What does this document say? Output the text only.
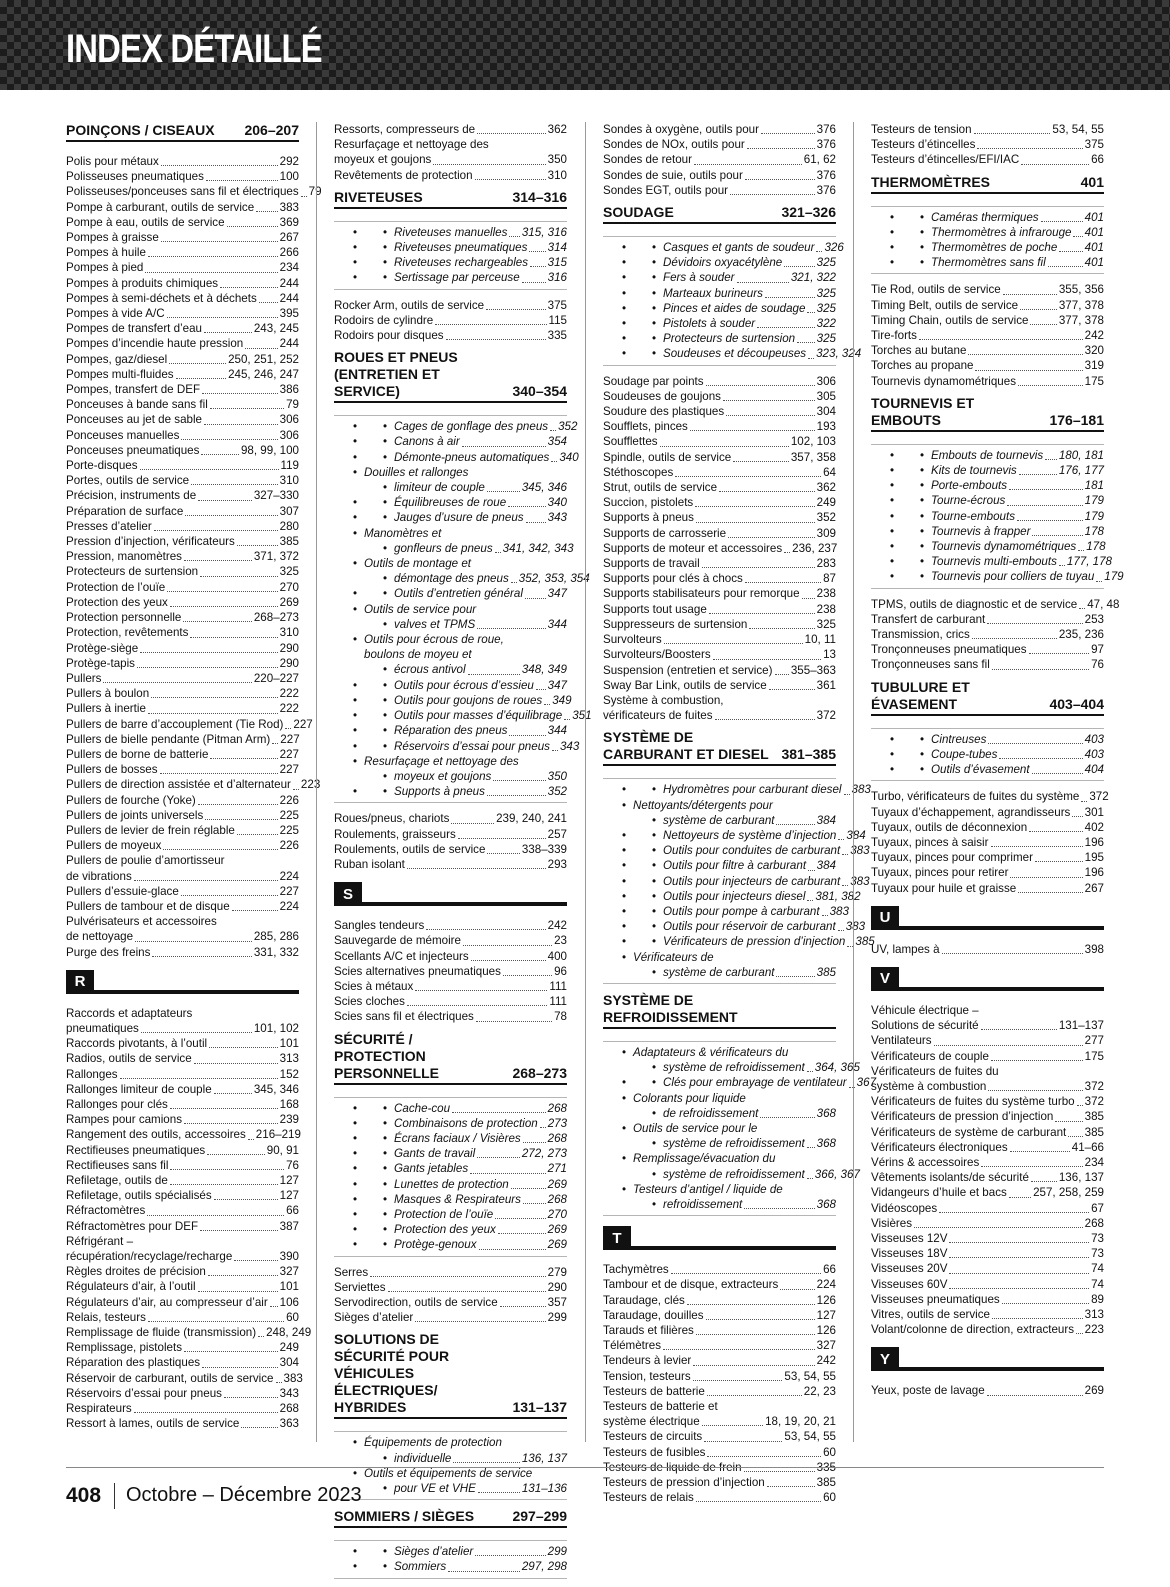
INDEX DÉTAILLÉ
POINÇONS / CISEAUX	206–207
Polis pour métaux	292
Polisseuses pneumatiques	100
Polisseuses/ponceuses sans fil et électriques 79
Pompe à carburant, outils de service 383
Pompe à eau, outils de service	369
Pompes à graisse	267
Pompes à huile	266
Pompes à pied	234
Pompes à produits chimiques	244
Pompes à semi-déchets et à déchets 244
Pompes à vide A/C	395
Pompes de transfert d’eau	243, 245
Pompes d’incendie haute pression	244
Pompes, gaz/diesel	250, 251, 252
Pompes multi-fluides	245, 246, 247
Pompes, transfert de DEF	386
Ponceuses à bande sans fil	79
Ponceuses au jet de sable	306
Ponceuses manuelles	306
Ponceuses pneumatiques	98, 99, 100
Porte-disques	119
Portes, outils de service	310
Précision, instruments de	327–330
Préparation de surface	307
Presses d’atelier	280
Pression d’injection, vérificateurs	385
Pression, manomètres	371, 372
Protecteurs de surtension	325
Protection de l’ouïe	270
Protection des yeux	269
Protection personnelle	268–273
Protection, revêtements	310
Protège-siège	290
Protège-tapis	290
Pullers	220–227
Pullers à boulon	222
Pullers à inertie	222
Pullers de barre d’accouplement (Tie Rod) 227
Pullers de bielle pendante (Pitman Arm) 227
Pullers de borne de batterie	227
Pullers de bosses	227
Pullers de direction assistée et d’alternateur 223
Pullers de fourche (Yoke)	226
Pullers de joints universels	225
Pullers de levier de frein réglable	225
Pullers de moyeux	226
Pullers de poulie d’amortisseur
de vibrations	224
Pullers d’essuie-glace	227
Pullers de tambour et de disque	224
Pulvérisateurs et accessoires
de nettoyage	285, 286
Purge des freins	331, 332
R
Raccords et adaptateurs
pneumatiques	101, 102
Raccords pivotants, à l’outil	101
Radios, outils de service	313
Rallonges	152
Rallonges limiteur de couple	345, 346
Rallonges pour clés	168
Rampes pour camions	239
Rangement des outils, accessoires 216–219
Rectifieuses pneumatiques	90, 91
Rectifieuses sans fil	76
Refiletage, outils de	127
Refiletage, outils spécialisés	127
Réfractomètres	66
Réfractomètres pour DEF	387
Réfrigérant –
récupération/recyclage/recharge	390
Règles droites de précision	327
Régulateurs d’air, à l’outil	101
Régulateurs d’air, au compresseur d’air 106
Relais, testeurs	60
Remplissage de fluide (transmission) 248, 249
Remplissage, pistolets	249
Réparation des plastiques	304
Réservoir de carburant, outils de service 383
Réservoirs d’essai pour pneus	343
Respirateurs	268
Ressort à lames, outils de service	363
Ressorts, compresseurs de	362
Resurfaçage et nettoyage des
moyeux et goujons	350
Revêtements de protection	310
RIVETEUSES	314–316
• • Riveteuses manuelles 315, 316
• • Riveteuses pneumatiques 314
• • Riveteuses rechargeables 315
• • Sertissage par perceuse 316
Rocker Arm, outils de service	375
Rodoirs de cylindre	115
Rodoirs pour disques	335
ROUES ET PNEUS (ENTRETIEN ET SERVICE)	340–354
• • Cages de gonflage des pneus 352
• • Canons à air	354
• • Démonte-pneus automatiques 340
• Douilles et rallonges
• limiteur de couple	345, 346
• • Équilibreuses de roue	340
• • Jauges d’usure de pneus 343
• Manomètres et
• gonfleurs de pneus 341, 342, 343
• Outils de montage et
• démontage des pneus 352, 353, 354
• • Outils d’entretien général 347
• Outils de service pour
• valves et TPMS	344
• Outils pour écrous de roue,
boulons de moyeu et
• écrous antivol	348, 349
• • Outils pour écrous d’essieu 347
• • Outils pour goujons de roues 349
• • Outils pour masses d’équilibrage 351
• • Réparation des pneus	344
• • Réservoirs d’essai pour pneus 343
• Resurfaçage et nettoyage des
• moyeux et goujons	350
• • Supports à pneus	352
Roues/pneus, chariots	239, 240, 241
Roulements, graisseurs	257
Roulements, outils de service	338–339
Ruban isolant	293
S
Sangles tendeurs	242
Sauvegarde de mémoire	23
Scellants A/C et injecteurs	400
Scies alternatives pneumatiques	96
Scies à métaux	111
Scies cloches	111
Scies sans fil et électriques	78
SÉCURITÉ / PROTECTION PERSONNELLE	268–273
• • Cache-cou	268
• • Combinaisons de protection 273
• • Écrans faciaux / Visières 268
• • Gants de travail	272, 273
• • Gants jetables	271
• • Lunettes de protection	269
• • Masques & Respirateurs 268
• • Protection de l’ouïe	270
• • Protection des yeux	269
• • Protège-genoux	269
Serres	279
Serviettes	290
Servodirection, outils de service	357
Sièges d’atelier	299
SOLUTIONS DE SÉCURITÉ POUR VÉHICULES ÉLECTRIQUES/ HYBRIDES	131–137
• Équipements de protection
• individuelle	136, 137
• Outils et équipements de service
• pour VE et VHE	131–136
SOMMIERS / SIÈGES	297–299
• • Sièges d’atelier	299
• • Sommiers	297, 298
Sondes à oxygène, outils pour	376
Sondes de NOx, outils pour	376
Sondes de retour	61, 62
Sondes de suie, outils pour	376
Sondes EGT, outils pour	376
SOUDAGE	321–326
• • Casques et gants de soudeur 326
• • Dévidoirs oxyacétylène	325
• • Fers à souder	321, 322
• • Marteaux burineurs	325
• • Pinces et aides de soudage 325
• • Pistolets à souder	322
• • Protecteurs de surtension 325
• • Soudeuses et découpeuses 323, 324
Soudage par points	306
Soudeuses de goujons	305
Soudure des plastiques	304
Soufflets, pinces	193
Soufflettes	102, 103
Spindle, outils de service	357, 358
Stéthoscopes	64
Strut, outils de service	362
Succion, pistolets	249
Supports à pneus	352
Supports de carrosserie	309
Supports de moteur et accessoires 236, 237
Supports de travail	283
Supports pour clés à chocs	87
Supports stabilisateurs pour remorque 238
Supports tout usage	238
Suppresseurs de surtension	325
Survolteurs	10, 11
Survolteurs/Boosters	13
Suspension (entretien et service) 355–363
Sway Bar Link, outils de service	361
Système à combustion,
vérificateurs de fuites	372
SYSTÈME DE CARBURANT ET DIESEL 381–385
• • Hydromètres pour carburant diesel 383
• Nettoyants/détergents pour
• système de carburant	384
• • Nettoyeurs de système d’injection 384
• • Outils pour conduites de carburant 383
• • Outils pour filtre à carburant 384
• • Outils pour injecteurs de carburant 383
• • Outils pour injecteurs diesel 381, 382
• • Outils pour pompe à carburant 383
• • Outils pour réservoir de carburant 383
• • Vérificateurs de pression d’injection 385
• Vérificateurs de
• système de carburant	385
SYSTÈME DE REFROIDISSEMENT
• Adaptateurs & vérificateurs du
• système de refroidissement 364, 365
• • Clés pour embrayage de ventilateur 367
• Colorants pour liquide
• de refroidissement	368
• Outils de service pour le
• système de refroidissement 368
• Remplissage/évacuation du
• système de refroidissement 366, 367
• Testeurs d’antigel / liquide de
• refroidissement	368
T
Tachymètres	66
Tambour et de disque, extracteurs	224
Taraudage, clés	126
Taraudage, douilles	127
Tarauds et filières	126
Télémètres	327
Tendeurs à levier	242
Tension, testeurs	53, 54, 55
Testeurs de batterie	22, 23
Testeurs de batterie et
système électrique	18, 19, 20, 21
Testeurs de circuits	53, 54, 55
Testeurs de fusibles	60
Testeurs de liquide de frein	335
Testeurs de pression d’injection	385
Testeurs de relais	60
Testeurs de tension	53, 54, 55
Testeurs d’étincelles	375
Testeurs d’étincelles/EFI/IAC	66
THERMOMÈTRES	401
• • Caméras thermiques	401
• • Thermomètres à infrarouge 401
• • Thermomètres de poche 401
• • Thermomètres sans fil	401
Tie Rod, outils de service	355, 356
Timing Belt, outils de service	377, 378
Timing Chain, outils de service	377, 378
Tire-forts	242
Torches au butane	320
Torches au propane	319
Tournevis dynamométriques	175
TOURNEVIS ET EMBOUTS	176–181
• • Embouts de tournevis 180, 181
• • Kits de tournevis	176, 177
• • Porte-embouts	181
• • Tourne-écrous	179
• • Tourne-embouts	179
• • Tournevis à frapper	178
• • Tournevis dynamométriques 178
• • Tournevis multi-embouts 177, 178
• • Tournevis pour colliers de tuyau 179
TPMS, outils de diagnostic et de service 47, 48
Transfert de carburant	253
Transmission, crics	235, 236
Tronçonneuses pneumatiques	97
Tronçonneuses sans fil	76
TUBULURE ET ÉVASEMENT	403–404
• • Cintreuses	403
• • Coupe-tubes	403
• • Outils d’évasement	404
Turbo, vérificateurs de fuites du système 372
Tuyaux d’échappement, agrandisseurs 301
Tuyaux, outils de déconnexion	402
Tuyaux, pinces à saisir	196
Tuyaux, pinces pour comprimer	195
Tuyaux, pinces pour retirer	196
Tuyaux pour huile et graisse	267
U
UV, lampes à	398
V
Véhicule électrique –
Solutions de sécurité	131–137
Ventilateurs	277
Vérificateurs de couple	175
Vérificateurs de fuites du
système à combustion	372
Vérificateurs de fuites du système turbo 372
Vérificateurs de pression d’injection	385
Vérificateurs de système de carburant 385
Vérificateurs électroniques	41–66
Vérins & accessoires	234
Vêtements isolants/de sécurité	136, 137
Vidangeurs d’huile et bacs 257, 258, 259
Vidéoscopes	67
Visières	268
Visseuses 12V	73
Visseuses 18V	73
Visseuses 20V	74
Visseuses 60V	74
Visseuses pneumatiques	89
Vitres, outils de service	313
Volant/colonne de direction, extracteurs 223
Y
Yeux, poste de lavage	269
408 Octobre – Décembre 2023
